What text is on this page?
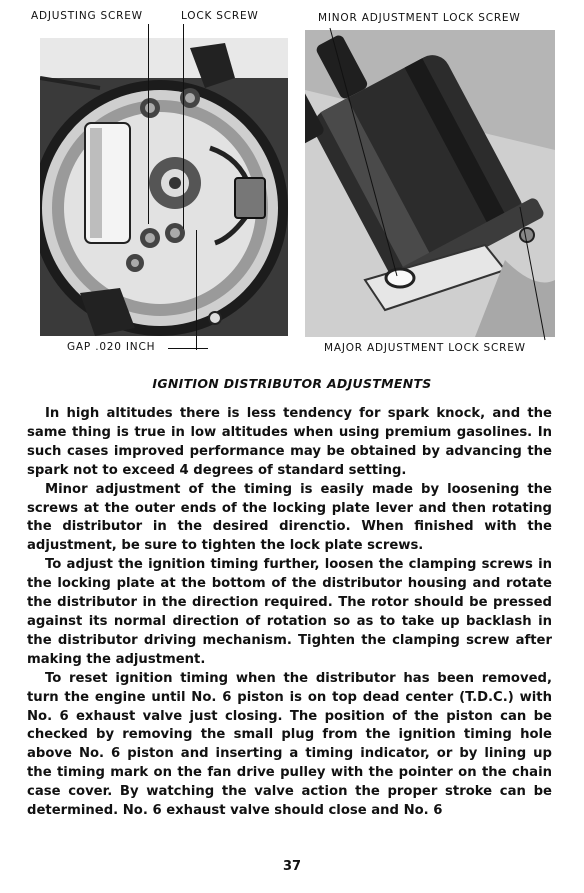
ADJUSTING SCREW	LOCK SCREW	MINOR ADJUSTMENT LOCK SCREW
GAP .020 INCH	MAJOR ADJUSTMENT LOCK SCREW
IGNITION DISTRIBUTOR ADJUSTMENTS

In high altitudes there is less tendency for spark knock, and the same thing is true in low altitudes when using premium gasolines. In such cases improved performance may be obtained by advancing the spark not to exceed 4 degrees of standard setting.

Minor adjustment of the timing is easily made by loosening the screws at the outer ends of the locking plate lever and then rotating the distributor in the desired direnctio. When finished with the adjustment, be sure to tighten the lock plate screws.

To adjust the ignition timing further, loosen the clamping screws in the locking plate at the bottom of the distributor housing and rotate the distributor in the direction required. The rotor should be pressed against its normal direction of rotation so as to take up backlash in the distributor driving mechanism. Tighten the clamping screw after making the adjustment.

To reset ignition timing when the distributor has been removed, turn the engine until No. 6 piston is on top dead center (T.D.C.) with No. 6 exhaust valve just closing. The position of the piston can be checked by removing the small plug from the ignition timing hole above No. 6 piston and inserting a timing indicator, or by lining up the timing mark on the fan drive pulley with the pointer on the chain case cover. By watching the valve action the proper stroke can be determined. No. 6 exhaust valve should close and No. 6

37
